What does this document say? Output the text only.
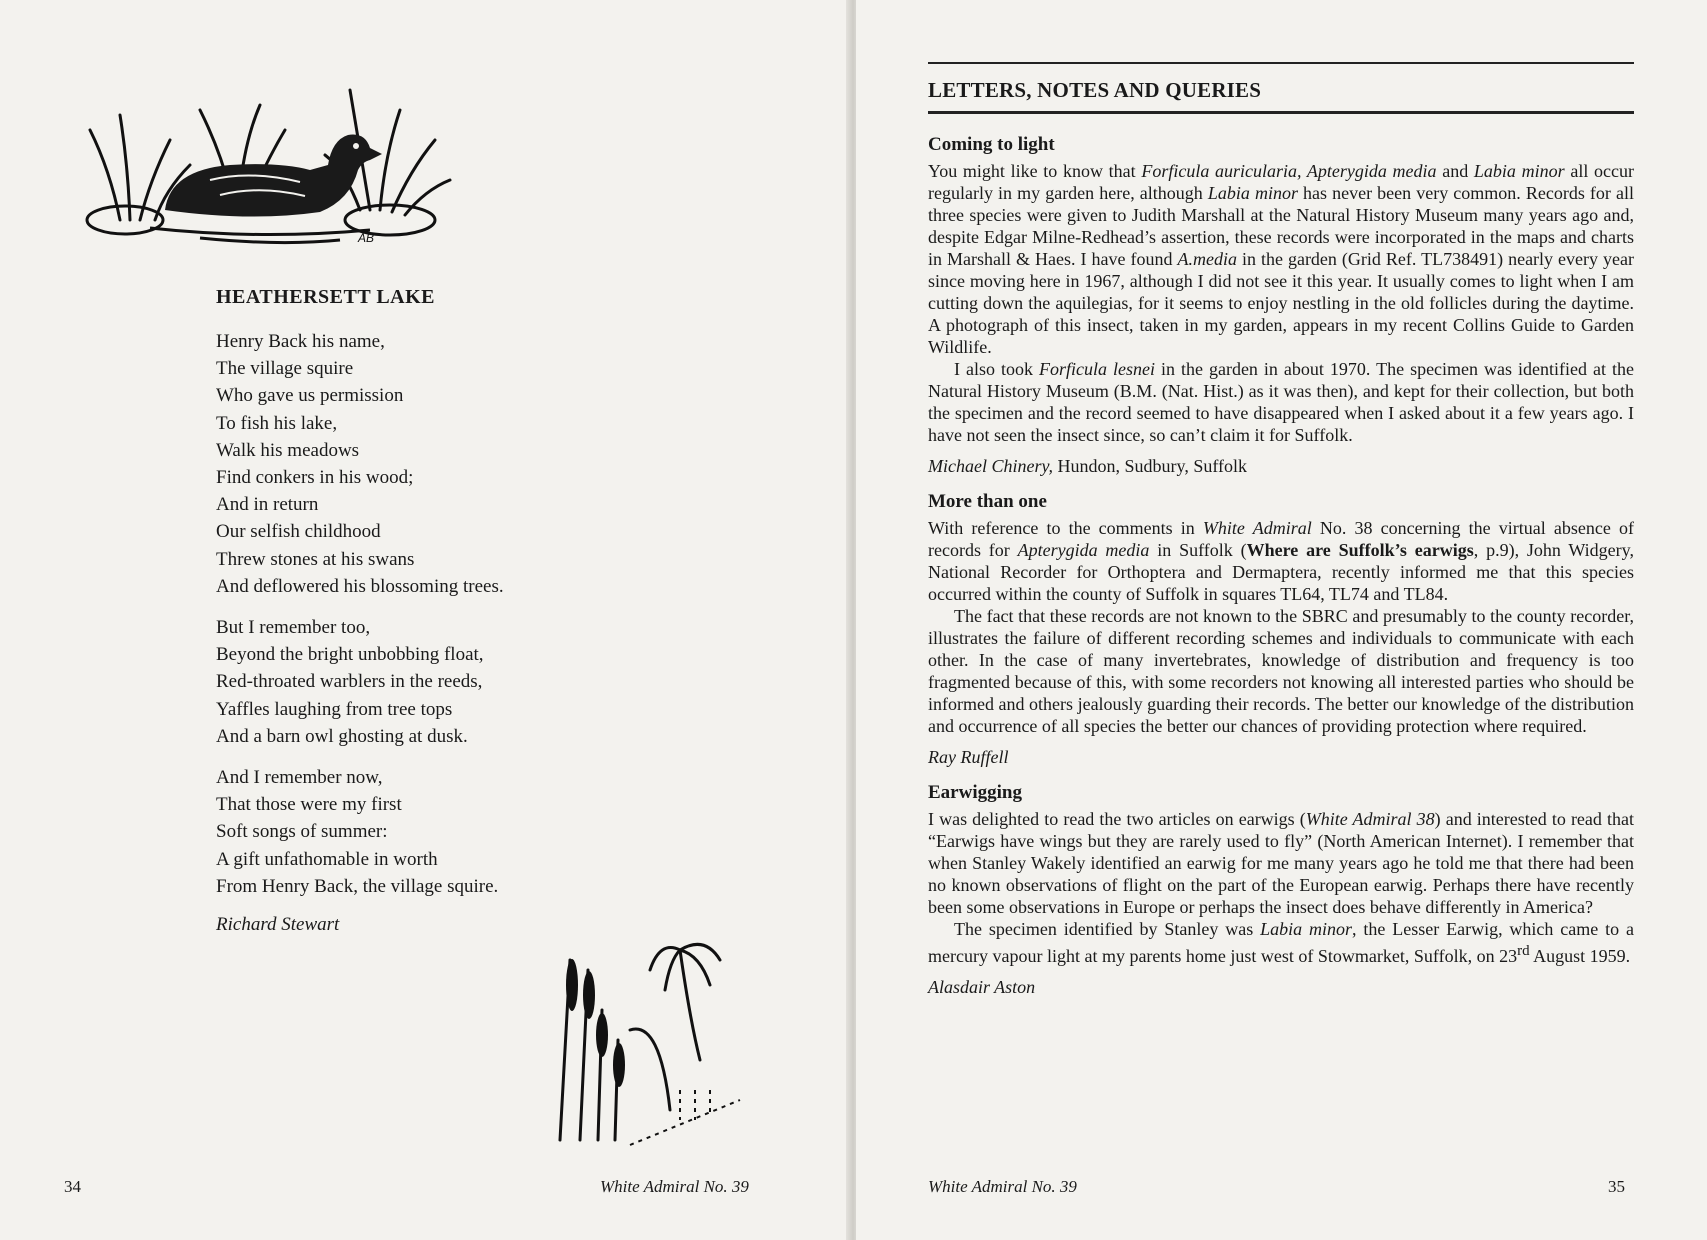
AB
HEATHERSETT LAKE
Henry Back his name,
The village squire
Who gave us permission
To fish his lake,
Walk his meadows
Find conkers in his wood;
And in return
Our selfish childhood
Threw stones at his swans
And deflowered his blossoming trees.
But I remember too,
Beyond the bright unbobbing float,
Red-throated warblers in the reeds,
Yaffles laughing from tree tops
And a barn owl ghosting at dusk.
And I remember now,
That those were my first
Soft songs of summer:
A gift unfathomable in worth
From Henry Back, the village squire.
Richard Stewart
34	White Admiral No. 39
LETTERS, NOTES AND QUERIES
Coming to light

You might like to know that Forficula auricularia, Apterygida media and Labia minor all occur regularly in my garden here, although Labia minor has never been very common. Records for all three species were given to Judith Marshall at the Natural History Museum many years ago and, despite Edgar Milne-Redhead’s assertion, these records were incorporated in the maps and charts in Marshall & Haes. I have found A.media in the garden (Grid Ref. TL738491) nearly every year since moving here in 1967, although I did not see it this year. It usually comes to light when I am cutting down the aquilegias, for it seems to enjoy nestling in the old follicles during the daytime. A photograph of this insect, taken in my garden, appears in my recent Collins Guide to Garden Wildlife.

I also took Forficula lesnei in the garden in about 1970. The specimen was identified at the Natural History Museum (B.M. (Nat. Hist.) as it was then), and kept for their collection, but both the specimen and the record seemed to have disappeared when I asked about it a few years ago. I have not seen the insect since, so can’t claim it for Suffolk.

Michael Chinery, Hundon, Sudbury, Suffolk
More than one

With reference to the comments in White Admiral No. 38 concerning the virtual absence of records for Apterygida media in Suffolk (Where are Suffolk’s earwigs, p.9), John Widgery, National Recorder for Orthoptera and Dermaptera, recently informed me that this species occurred within the county of Suffolk in squares TL64, TL74 and TL84.

The fact that these records are not known to the SBRC and presumably to the county recorder, illustrates the failure of different recording schemes and individuals to communicate with each other. In the case of many invertebrates, knowledge of distribution and frequency is too fragmented because of this, with some recorders not knowing all interested parties who should be informed and others jealously guarding their records. The better our knowledge of the distribution and occurrence of all species the better our chances of providing protection where required.

Ray Ruffell
Earwigging

I was delighted to read the two articles on earwigs (White Admiral 38) and interested to read that “Earwigs have wings but they are rarely used to fly” (North American Internet). I remember that when Stanley Wakely identified an earwig for me many years ago he told me that there had been no known observations of flight on the part of the European earwig. Perhaps there have recently been some observations in Europe or perhaps the insect does behave differently in America?

The specimen identified by Stanley was Labia minor, the Lesser Earwig, which came to a mercury vapour light at my parents home just west of Stowmarket, Suffolk, on 23rd August 1959.

Alasdair Aston
White Admiral No. 39	35
